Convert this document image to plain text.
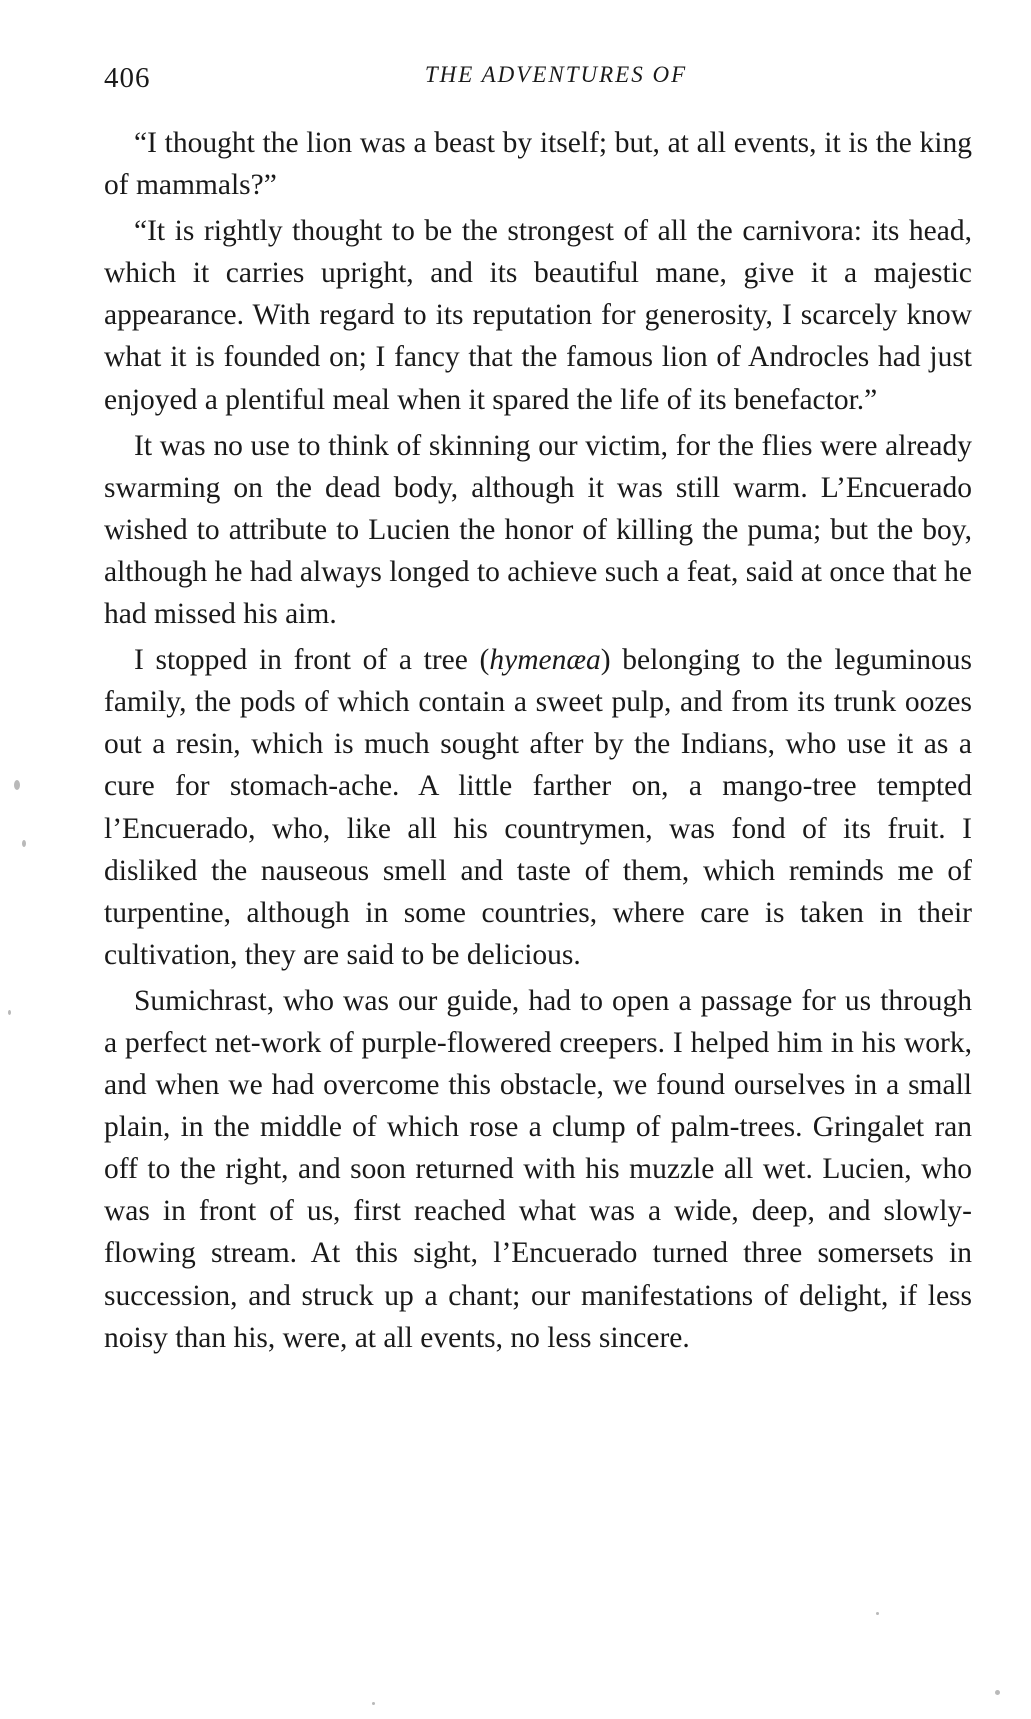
406	THE ADVENTURES OF

“I thought the lion was a beast by itself; but, at all events, it is the king of mammals?”

“It is rightly thought to be the strongest of all the carnivora: its head, which it carries upright, and its beautiful mane, give it a majestic appearance. With regard to its reputation for generosity, I scarcely know what it is founded on; I fancy that the famous lion of Androcles had just enjoyed a plentiful meal when it spared the life of its benefactor.”

It was no use to think of skinning our victim, for the flies were already swarming on the dead body, although it was still warm. L’Encuerado wished to attribute to Lucien the honor of killing the puma; but the boy, although he had always longed to achieve such a feat, said at once that he had missed his aim.

I stopped in front of a tree (hymenæa) belonging to the leguminous family, the pods of which contain a sweet pulp, and from its trunk oozes out a resin, which is much sought after by the Indians, who use it as a cure for stomach-ache. A little farther on, a mango-tree tempted l’Encuerado, who, like all his countrymen, was fond of its fruit. I disliked the nauseous smell and taste of them, which reminds me of turpentine, although in some countries, where care is taken in their cultivation, they are said to be delicious.

Sumichrast, who was our guide, had to open a passage for us through a perfect net-work of purple-flowered creepers. I helped him in his work, and when we had overcome this obstacle, we found ourselves in a small plain, in the middle of which rose a clump of palm-trees. Gringalet ran off to the right, and soon returned with his muzzle all wet. Lucien, who was in front of us, first reached what was a wide, deep, and slowly-flowing stream. At this sight, l’Encuerado turned three somersets in succession, and struck up a chant; our manifestations of delight, if less noisy than his, were, at all events, no less sincere.
